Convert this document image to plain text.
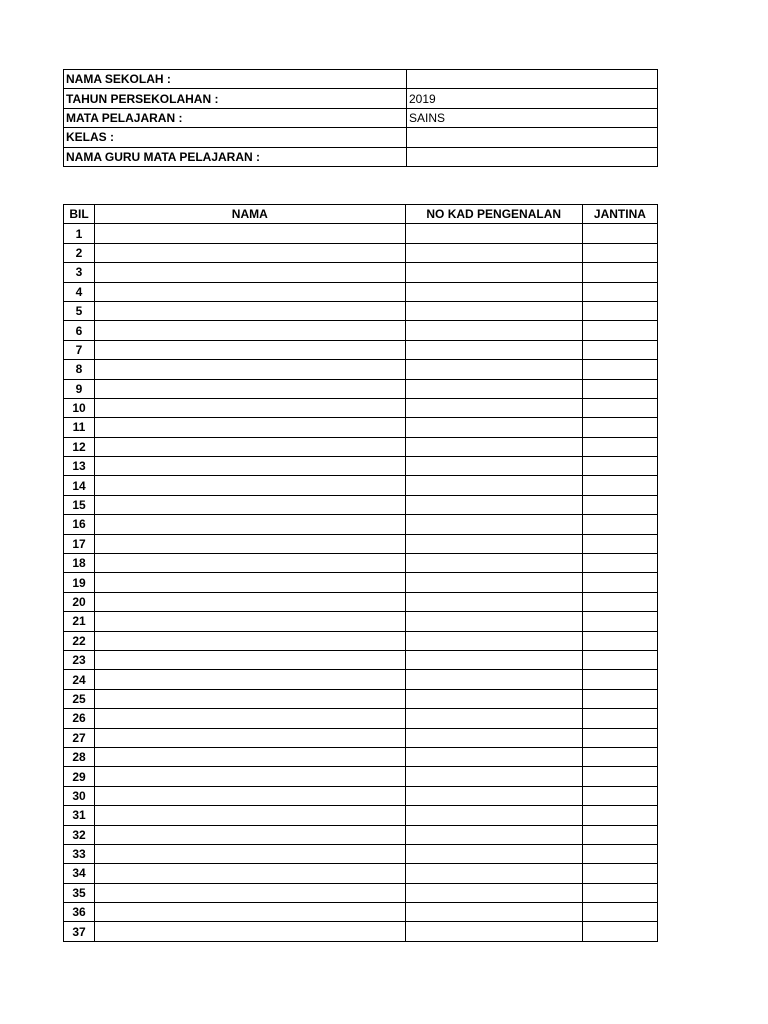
NAMA SEKOLAH :	
TAHUN PERSEKOLAHAN :	2019
MATA PELAJARAN :	SAINS
KELAS :	
NAMA GURU MATA PELAJARAN :	
BIL	NAMA	NO KAD PENGENALAN	JANTINA
1			
2			
3			
4			
5			
6			
7			
8			
9			
10			
11			
12			
13			
14			
15			
16			
17			
18			
19			
20			
21			
22			
23			
24			
25			
26			
27			
28			
29			
30			
31			
32			
33			
34			
35			
36			
37			
